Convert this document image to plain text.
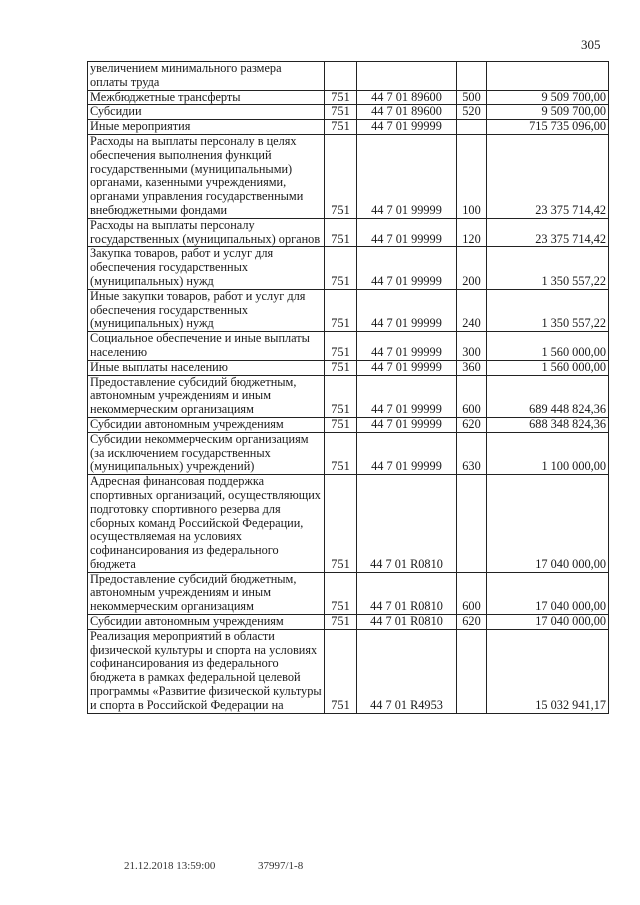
305
увеличением минимального размера оплаты труда				
Межбюджетные трансферты	751	44 7 01 89600	500	9 509 700,00
Субсидии	751	44 7 01 89600	520	9 509 700,00
Иные мероприятия	751	44 7 01 99999		715 735 096,00
Расходы на выплаты персоналу в целях обеспечения выполнения функций государственными (муниципальными) органами, казенными учреждениями, органами управления государственными внебюджетными фондами	751	44 7 01 99999	100	23 375 714,42
Расходы на выплаты персоналу государственных (муниципальных) органов	751	44 7 01 99999	120	23 375 714,42
Закупка товаров, работ и услуг для обеспечения государственных (муниципальных) нужд	751	44 7 01 99999	200	1 350 557,22
Иные закупки товаров, работ и услуг для обеспечения государственных (муниципальных) нужд	751	44 7 01 99999	240	1 350 557,22
Социальное обеспечение и иные выплаты населению	751	44 7 01 99999	300	1 560 000,00
Иные выплаты населению	751	44 7 01 99999	360	1 560 000,00
Предоставление субсидий бюджетным, автономным учреждениям и иным некоммерческим организациям	751	44 7 01 99999	600	689 448 824,36
Субсидии автономным учреждениям	751	44 7 01 99999	620	688 348 824,36
Субсидии некоммерческим организациям (за исключением государственных (муниципальных) учреждений)	751	44 7 01 99999	630	1 100 000,00
Адресная финансовая поддержка спортивных организаций, осуществляющих подготовку спортивного резерва для сборных команд Российской Федерации, осуществляемая на условиях софинансирования из федерального бюджета	751	44 7 01 R0810		17 040 000,00
Предоставление субсидий бюджетным, автономным учреждениям и иным некоммерческим организациям	751	44 7 01 R0810	600	17 040 000,00
Субсидии автономным учреждениям	751	44 7 01 R0810	620	17 040 000,00
Реализация мероприятий в области физической культуры и спорта на условиях софинансирования из федерального бюджета в рамках федеральной целевой программы «Развитие физической культуры и спорта в Российской Федерации на	751	44 7 01 R4953		15 032 941,17
21.12.2018 13:59:00	37997/1-8
